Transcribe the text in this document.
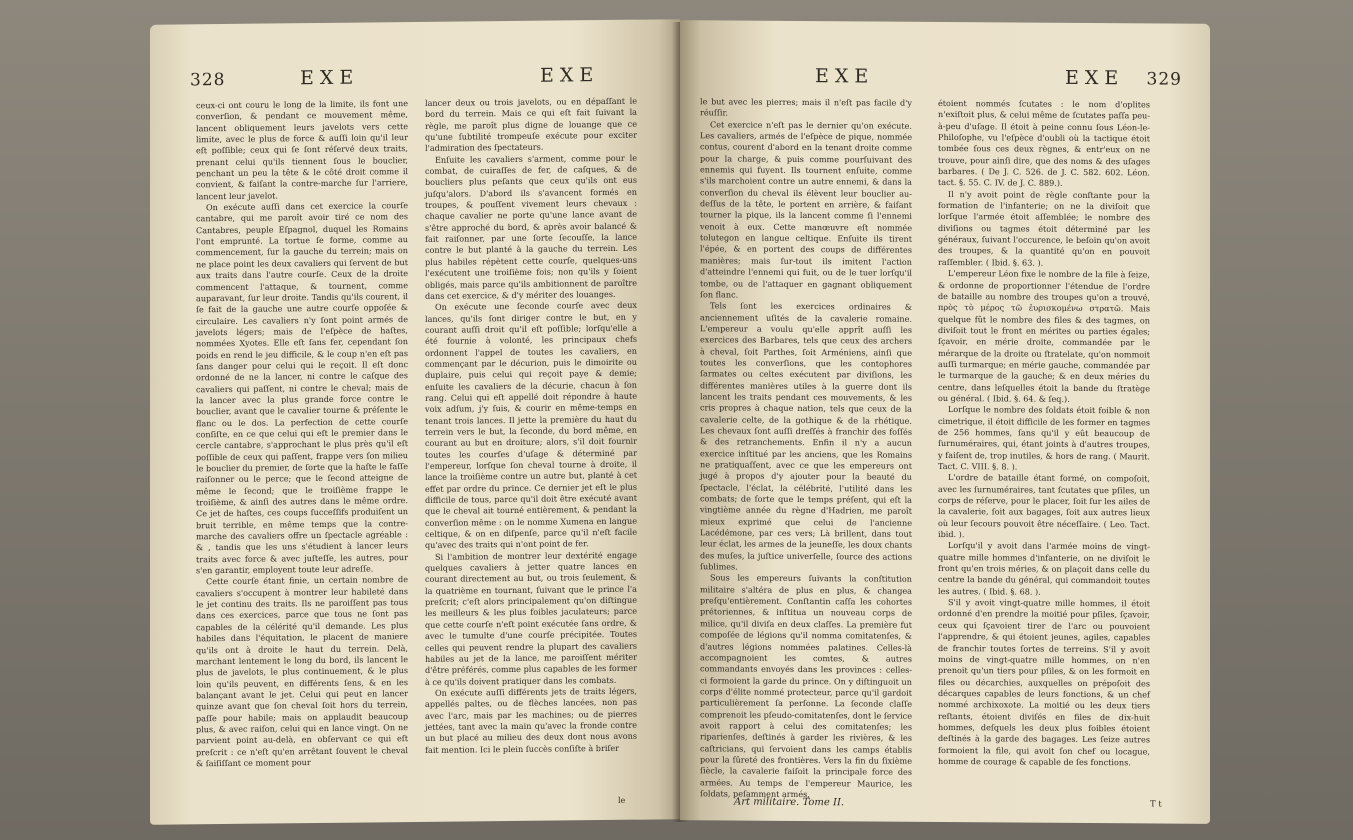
328	EXE	EXE

ceux-ci ont couru le long de la limite, ils font une converſion, & pendant ce mouvement même, lancent obliquement leurs javelots vers cette limite, avec le plus de force & auſſi loin qu'il leur eſt poſſible; ceux qui ſe ſont réſervé deux traits, prenant celui qu'ils tiennent ſous le bouclier, penchant un peu la tête & le côté droit comme il convient, & faiſant la contre-marche ſur l'arriere, lancent leur javelot.

On exécute auſſi dans cet exercice la courſe cantabre, qui me paroît avoir tiré ce nom des Cantabres, peuple Eſpagnol, duquel les Romains l'ont emprunté. La tortue ſe forme, comme au commencement, ſur la gauche du terrein; mais on ne place point les deux cavaliers qui ſervent de but aux traits dans l'autre courſe. Ceux de la droite commencent l'attaque, & tournent, comme auparavant, ſur leur droite. Tandis qu'ils courent, il ſe fait de la gauche une autre courſe oppoſée & circulaire. Les cavaliers n'y ſont point armés de javelots légers; mais de l'eſpèce de haſtes, nommées Xyotes. Elle eſt ſans fer, cependant ſon poids en rend le jeu difficile, & le coup n'en eſt pas ſans danger pour celui qui le reçoit. Il eſt donc ordonné de ne la lancer, ni contre le caſque des cavaliers qui paſſent, ni contre le cheval; mais de la lancer avec la plus grande force contre le bouclier, avant que le cavalier tourne & préſente le flanc ou le dos. La perfection de cette courſe conſiſte, en ce que celui qui eſt le premier dans le cercle cantabre, s'approchant le plus près qu'il eſt poſſible de ceux qui paſſent, frappe vers ſon milieu le bouclier du premier, de ſorte que la haſte le faſſe raiſonner ou le perce; que le ſecond atteigne de même le ſecond; que le troiſième frappe le troiſième, & ainſi des autres dans le même ordre. Ce jet de haſtes, ces coups ſucceſſifs produiſent un bruit terrible, en même temps que la contre-marche des cavaliers offre un ſpectacle agréable : & , tandis que les uns s'étudient à lancer leurs traits avec force & avec juſteſſe, les autres, pour s'en garantir, employent toute leur adreſſe.

Cette courſe étant finie, un certain nombre de cavaliers s'occupent à montrer leur habileté dans le jet continu des traits. Ils ne paroiſſent pas tous dans ces exercices, parce que tous ne ſont pas capables de la célérité qu'il demande. Les plus habiles dans l'équitation, le placent de maniere qu'ils ont à droite le haut du terrein. Delà, marchant lentement le long du bord, ils lancent le plus de javelots, le plus continuement, & le plus loin qu'ils peuvent, en différents ſens, & en les balançant avant le jet. Celui qui peut en lancer quinze avant que ſon cheval ſoit hors du terrein, paſſe pour habile; mais on applaudit beaucoup plus, & avec raiſon, celui qui en lance vingt. On ne parvient point au-delà, en obſervant ce qui eſt preſcrit : ce n'eſt qu'en arrêtant ſouvent le cheval & ſaiſiſſant ce moment pour

lancer deux ou trois javelots, ou en dépaſſant le bord du terrein. Mais ce qui eſt fait ſuivant la règle, me paroît plus digne de louange que ce qu'une ſubtilité trompeuſe exécute pour exciter l'admiration des ſpectateurs.

Enſuite les cavaliers s'arment, comme pour le combat, de cuiraſſes de fer, de caſques, & de boucliers plus peſants que ceux qu'ils ont eus juſqu'alors. D'abord ils s'avancent formés en troupes, & pouſſent vivement leurs chevaux : chaque cavalier ne porte qu'une lance avant de s'être approché du bord, & après avoir balancé & fait raiſonner, par une ſorte ſecouſſe, la lance contre le but planté à la gauche du terrein. Les plus habiles répètent cette courſe, quelques-uns l'exécutent une troiſième fois; non qu'ils y ſoient obligés, mais parce qu'ils ambitionnent de paroître dans cet exercice, & d'y mériter des louanges.

On exécute une ſeconde courſe avec deux lances, qu'ils ſont diriger contre le but, en y courant auſſi droit qu'il eſt poſſible; lorſqu'elle a été fournie à volonté, les principaux chefs ordonnent l'appel de toutes les cavaliers, en commençant par le décurion, puis le dimoirite ou duplaire, puis celui qui reçoit paye & demie; enſuite les cavaliers de la décurie, chacun à ſon rang. Celui qui eſt appellé doit répondre à haute voix adſum, j'y ſuis, & courir en même-temps en tenant trois lances. Il jette la première du haut du terrein vers le but, la ſeconde, du bord même, en courant au but en droiture; alors, s'il doit fournir toutes les courſes d'uſage & déterminé par l'empereur, lorſque ſon cheval tourne à droite, il lance la troiſième contre un autre but, planté à cet effet par ordre du prince. Ce dernier jet eſt le plus difficile de tous, parce qu'il doit être exécuté avant que le cheval ait tourné entièrement, & pendant la converſion même : on le nomme Xumena en langue celtique, & on en diſpenſe, parce qu'il n'eſt facile qu'avec des traits qui n'ont point de fer.

Si l'ambition de montrer leur dextérité engage quelques cavaliers à jetter quatre lances en courant directement au but, ou trois ſeulement, & la quatrième en tournant, ſuivant que le prince l'a preſcrit; c'eſt alors principalement qu'on diſtingue les meilleurs & les plus foibles jaculateurs; parce que cette courſe n'eſt point exécutée ſans ordre, & avec le tumulte d'une courſe précipitée. Toutes celles qui peuvent rendre la plupart des cavaliers habiles au jet de la lance, me paroiſſent mériter d'être préférés, comme plus capables de les former à ce qu'ils doivent pratiquer dans les combats.

On exécute auſſi différents jets de traits légers, appellés paltes, ou de flèches lancées, non pas avec l'arc, mais par les machines; ou de pierres jettées, tant avec la main qu'avec la fronde contre un but placé au milieu des deux dont nous avons fait mention. Ici le plein ſuccès conſiſte à briſer

le
EXE	EXE 329

le but avec les pierres; mais il n'eſt pas facile d'y réuſſir.

Cet exercice n'eſt pas le dernier qu'on exécute. Les cavaliers, armés de l'eſpèce de pique, nommée contus, courent d'abord en la tenant droite comme pour la charge, & puis comme pourſuivant des ennemis qui fuyent. Ils tournent enſuite, comme s'ils marchoient contre un autre ennemi, & dans la converſion du cheval ils élèvent leur bouclier au-deſſus de la tête, le portent en arrière, & faiſant tourner la pique, ils la lancent comme ſi l'ennemi venoit à eux. Cette manœuvre eſt nommée tolutegon en langue celtique. Enſuite ils tirent l'épée, & en portent des coups de différentes manières; mais ſur-tout ils imitent l'action d'atteindre l'ennemi qui fuit, ou de le tuer lorſqu'il tombe, ou de l'attaquer en gagnant obliquement ſon flanc.

Tels ſont les exercices ordinaires & anciennement uſités de la cavalerie romaine. L'empereur a voulu qu'elle apprît auſſi les exercices des Barbares, tels que ceux des archers à cheval, ſoit Parthes, ſoit Arméniens, ainſi que toutes les converſions, que les contophores ſarmates ou celtes exécutent par diviſions, les différentes manières utiles à la guerre dont ils lancent les traits pendant ces mouvements, & les cris propres à chaque nation, tels que ceux de la cavalerie celte, de la gothique & de la rhétique. Les chevaux ſont auſſi dreſſés à franchir des foſſés & des retranchements. Enfin il n'y a aucun exercice inſtitué par les anciens, que les Romains ne pratiquaſſent, avec ce que les empereurs ont jugé à propos d'y ajouter pour la beauté du ſpectacle, l'éclat, la célébrité, l'utilité dans les combats; de ſorte que le temps préſent, qui eſt la vingtième année du règne d'Hadrien, me paroît mieux exprimé que celui de l'ancienne Lacédémone, par ces vers; Là brillent, dans tout leur éclat, les armes de la jeuneſſe, les doux chants des muſes, la juſtice univerſelle, ſource des actions ſublimes.

Sous les empereurs ſuivants la conſtitution militaire s'altéra de plus en plus, & changea preſqu'entièrement. Conſtantin caſſa les cohortes prétoriennes, & inſtitua un nouveau corps de milice, qu'il diviſa en deux claſſes. La première fut compoſée de légions qu'il nomma comitatenſes, & d'autres légions nommées palatines. Celles-là accompagnoient les comtes, & autres commandants envoyés dans les provinces : celles-ci formoient la garde du prince. On y diſtinguoit un corps d'élite nommé protecteur, parce qu'il gardoit particulièrement ſa perſonne. La ſeconde claſſe comprenoit les pſeudo-comitatenſes, dont le ſervice avoit rapport à celui des comitatenſes; les riparienſes, deſtinés à garder les rivières, & les caſtricians, qui ſervoient dans les camps établis pour la ſûreté des frontières. Vers la fin du ſixième ſiècle, la cavalerie faiſoit la principale force des armées. Au temps de l'empereur Maurice, les ſoldats, peſamment armés,

étoient nommés ſcutates : le nom d'oplites n'exiſtoit plus, & celui même de ſcutates paſſa peu-à-peu d'uſage. Il étoit à peine connu ſous Léon-le-Philoſophe, vu l'eſpèce d'oubli où la tactique étoit tombée ſous ces deux règnes, & entr'eux on ne trouve, pour ainſi dire, que des noms & des uſages barbares. ( De J. C. 526. de J. C. 582. 602. Léon. tact. §. 55. C. IV. de J. C. 889.).

Il n'y avoit point de règle conſtante pour la formation de l'infanterie; on ne la diviſoit que lorſque l'armée étoit aſſemblée; le nombre des diviſions ou tagmes étoit déterminé par les généraux, ſuivant l'occurence, le beſoin qu'on avoit des troupes, & la quantité qu'on en pouvoit raſſembler. ( Ibid. §. 63. ).

L'empereur Léon fixe le nombre de la file à ſeize, & ordonne de proportionner l'étendue de l'ordre de bataille au nombre des troupes qu'on a trouvé, πρὸς τὸ μέρος τῶ ἐυρισκομένω στρατῶ. Mais quelque fût le nombre des files & des tagmes, on diviſoit tout le front en mérites ou parties égales; ſçavoir, en mérie droite, commandée par le mérarque de la droite ou ſtratelate, qu'on nommoit auſſi turmarque; en mérie gauche, commandée par le turmarque de la gauche; & en deux méries du centre, dans leſquelles étoit la bande du ſtratège ou général. ( Ibid. §. 64. & ſeq.).

Lorſque le nombre des ſoldats étoit foible & non cimetrique, il étoit difficile de les former en tagmes de 256 hommes, ſans qu'il y eût beaucoup de ſurnuméraires, qui, étant joints à d'autres troupes, y faiſent de, trop inutiles, & hors de rang. ( Maurit. Tact. C. VIII. §. 8. ).

L'ordre de bataille étant formé, on compoſoit, avec les ſurnuméraires, tant ſcutates que pſiles, un corps de réſerve, pour le placer, ſoit ſur les ailes de la cavalerie, ſoit aux bagages, ſoit aux autres lieux où leur ſecours pouvoit être néceſſaire. ( Leo. Tact. ibid. ).

Lorſqu'il y avoit dans l'armée moins de vingt-quatre mille hommes d'infanterie, on ne diviſoit le front qu'en trois méries, & on plaçoit dans celle du centre la bande du général, qui commandoit toutes les autres. ( Ibid. §. 68. ).

S'il y avoit vingt-quatre mille hommes, il étoit ordonné d'en prendre la moitié pour pſiles, ſçavoir, ceux qui ſçavoient tirer de l'arc ou pouvoient l'apprendre, & qui étoient jeunes, agiles, capables de franchir toutes ſortes de terreins. S'il y avoit moins de vingt-quatre mille hommes, on n'en prenoit qu'un tiers pour pſiles, & on les formoit en files ou décarchies, auxquelles on prépoſoit des décarques capables de leurs fonctions, & un chef nommé archixoxote. La moitié ou les deux tiers reſtants, étoient diviſés en files de dix-huit hommes, deſquels les deux plus foibles étoient deſtinés à la garde des bagages. Les ſeize autres formoient la file, qui avoit ſon chef ou locague, homme de courage & capable de ſes fonctions.

Art militaire. Tome II.	T t
